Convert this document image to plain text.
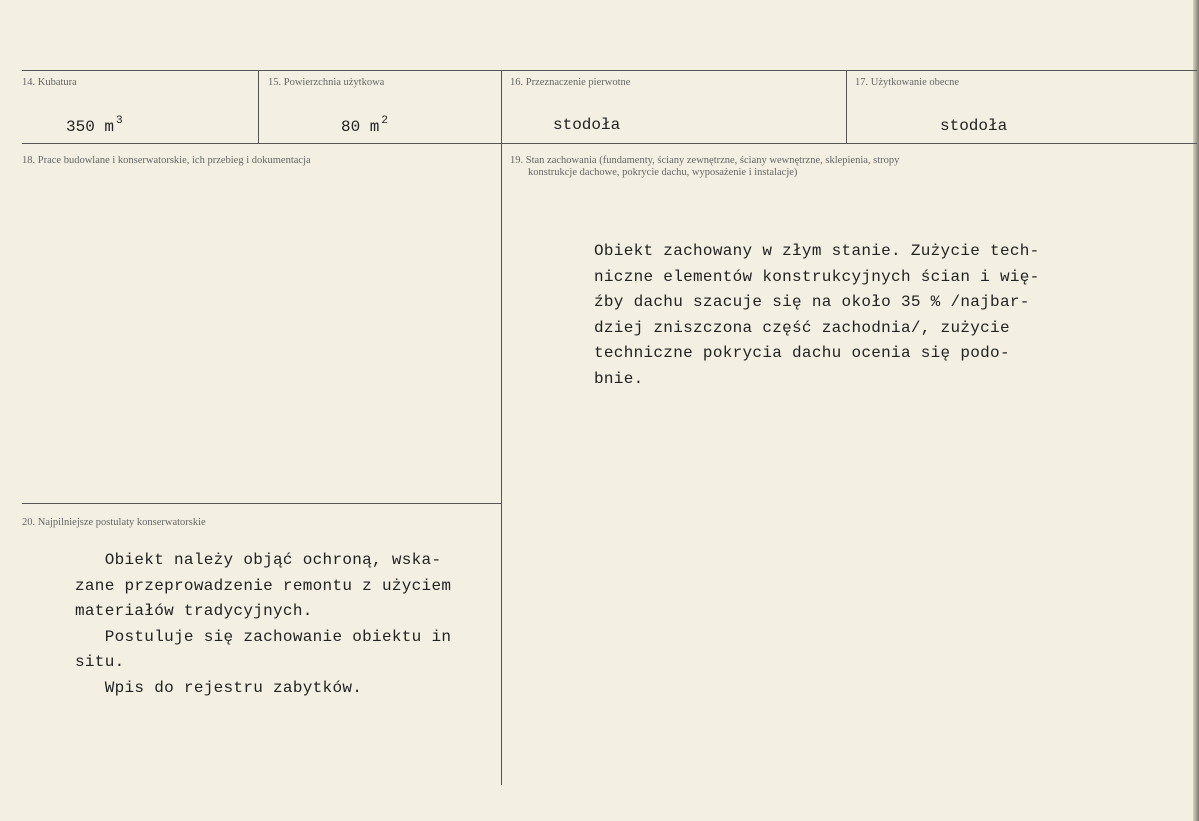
14. Kubatura
350 m $^3$
15. Powierzchnia użytkowa
80 m $^2$
16. Przeznaczenie pierwotne
stodoła
17. Użytkowanie obecne
stodoła
18. Prace budowlane i konserwatorskie, ich przebieg i dokumentacja	19. Stan zachowania (fundamenty, ściany zewnętrzne, ściany wewnętrzne, sklepienia, stropy
konstrukcje dachowe, pokrycie dachu, wyposażenie i instalacje)
Obiekt zachowany w złym stanie. Zużycie tech-
niczne elementów konstrukcyjnych ścian i wię-
źby dachu szacuje się na około 35 % /najbar-
dziej zniszczona część zachodnia/, zużycie
techniczne pokrycia dachu ocenia się podo-
bnie.
20. Najpilniejsze postulaty konserwatorskie
Obiekt należy objąć ochroną, wska-
zane przeprowadzenie remontu z użyciem
materiałów tradycyjnych.
Postuluje się zachowanie obiektu in
situ.
Wpis do rejestru zabytków.
